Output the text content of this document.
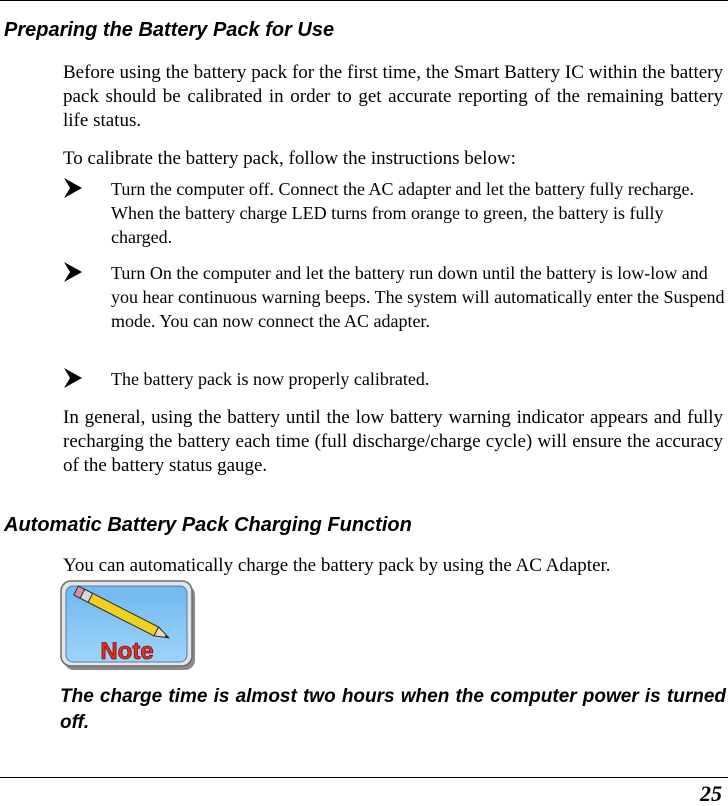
Preparing the Battery Pack for Use

Before using the battery pack for the first time, the Smart Battery IC within the battery pack should be calibrated in order to get accurate reporting of the remaining battery life status.

To calibrate the battery pack, follow the instructions below:

Turn the computer off. Connect the AC adapter and let the battery fully recharge. When the battery charge LED turns from orange to green, the battery is fully charged.
Turn On the computer and let the battery run down until the battery is low-low and you hear continuous warning beeps. The system will automatically enter the Suspend mode. You can now connect the AC adapter.
The battery pack is now properly calibrated.

In general, using the battery until the low battery warning indicator appears and fully recharging the battery each time (full discharge/charge cycle) will ensure the accuracy of the battery status gauge.

Automatic Battery Pack Charging Function

You can automatically charge the battery pack by using the AC Adapter.

Note

The charge time is almost two hours when the computer power is turned off.

25
